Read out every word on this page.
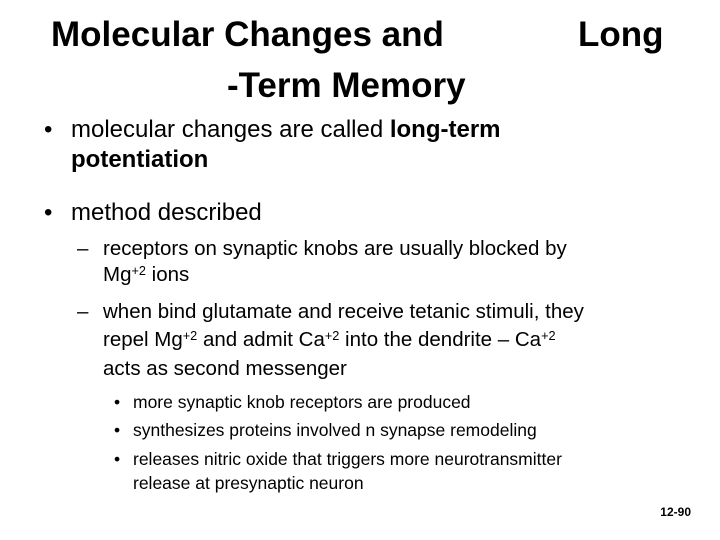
Molecular Changes and	Long
-Term Memory
• molecular changes are called long-term
potentiation
• method described
– receptors on synaptic knobs are usually blocked by
$Mg^{+2}$ ions
– when bind glutamate and receive tetanic stimuli, they
repel $Mg^{+2}$ and admit $Ca^{+2}$ into the dendrite – $Ca^{+2}$
acts as second messenger
• more synaptic knob receptors are produced
• synthesizes proteins involved n synapse remodeling
• releases nitric oxide that triggers more neurotransmitter
release at presynaptic neuron
12-90
